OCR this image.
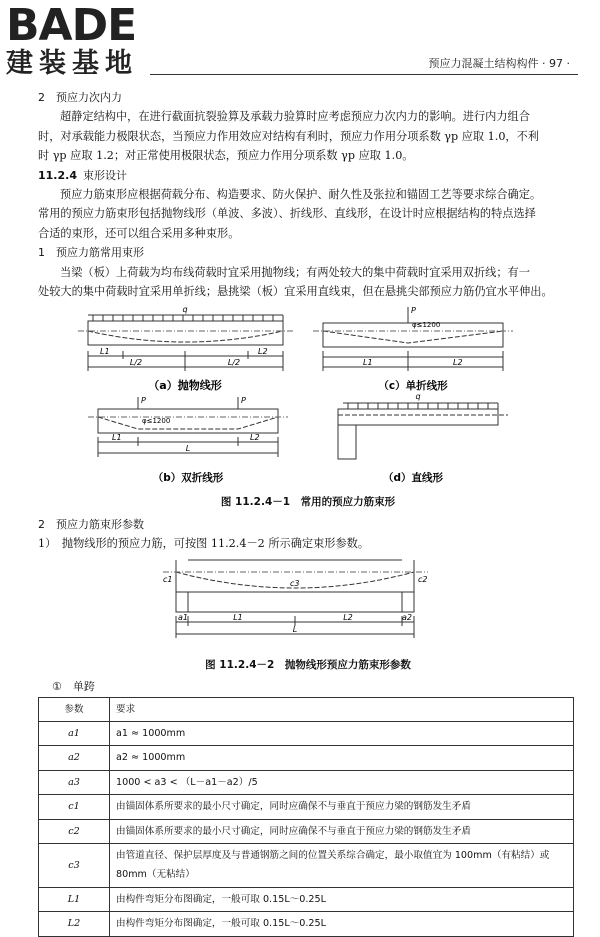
BADE
建装基地	预应力混凝土结构构件 · 97 ·

2　预应力次内力

超静定结构中，在进行截面抗裂验算及承载力验算时应考虑预应力次内力的影响。进行内力组合

时，对承载能力极限状态，当预应力作用效应对结构有利时，预应力作用分项系数 γp 应取 1.0，不利

时 γp 应取 1.2；对正常使用极限状态，预应力作用分项系数 γp 应取 1.0。

11.2.4 束形设计

预应力筋束形应根据荷载分布、构造要求、防火保护、耐久性及张拉和锚固工艺等要求综合确定。

常用的预应力筋束形包括抛物线形（单波、多波）、折线形、直线形，在设计时应根据结构的特点选择

合适的束形，还可以组合采用多种束形。

1　预应力筋常用束形

当梁（板）上荷载为均布线荷载时宜采用抛物线；有两处较大的集中荷载时宜采用双折线；有一

处较大的集中荷载时宜采用单折线；悬挑梁（板）宜采用直线束，但在悬挑尖部预应力筋仍宜水平伸出。

q
L1	L2
L/2	L/2
P
φ≤1200
L1	L2
（a）抛物线形	（c）单折线形
P	P
φ≤1200
L1	L2
L
q
（b）双折线形	（d）直线形

图 11.2.4－1　常用的预应力筋束形

2　预应力筋束形参数

1）　抛物线形的预应力筋，可按图 11.2.4－2 所示确定束形参数。

c1	c2
c3
a1	L1	L2	a2
L

图 11.2.4－2　抛物线形预应力筋束形参数

①　单跨

参数	要求
a1	a1 ≈ 1000mm
a2	a2 ≈ 1000mm
a3	1000 < a3 < （L－a1－a2）/5
c1	由锚固体系所要求的最小尺寸确定，同时应确保不与垂直于预应力梁的钢筋发生矛盾
c2	由锚固体系所要求的最小尺寸确定，同时应确保不与垂直于预应力梁的钢筋发生矛盾
c3	由管道直径、保护层厚度及与普通钢筋之间的位置关系综合确定，最小取值宜为 100mm（有粘结）或 80mm（无粘结）
L1	由构件弯矩分布图确定，一般可取 0.15L～0.25L
L2	由构件弯矩分布图确定，一般可取 0.15L～0.25L
